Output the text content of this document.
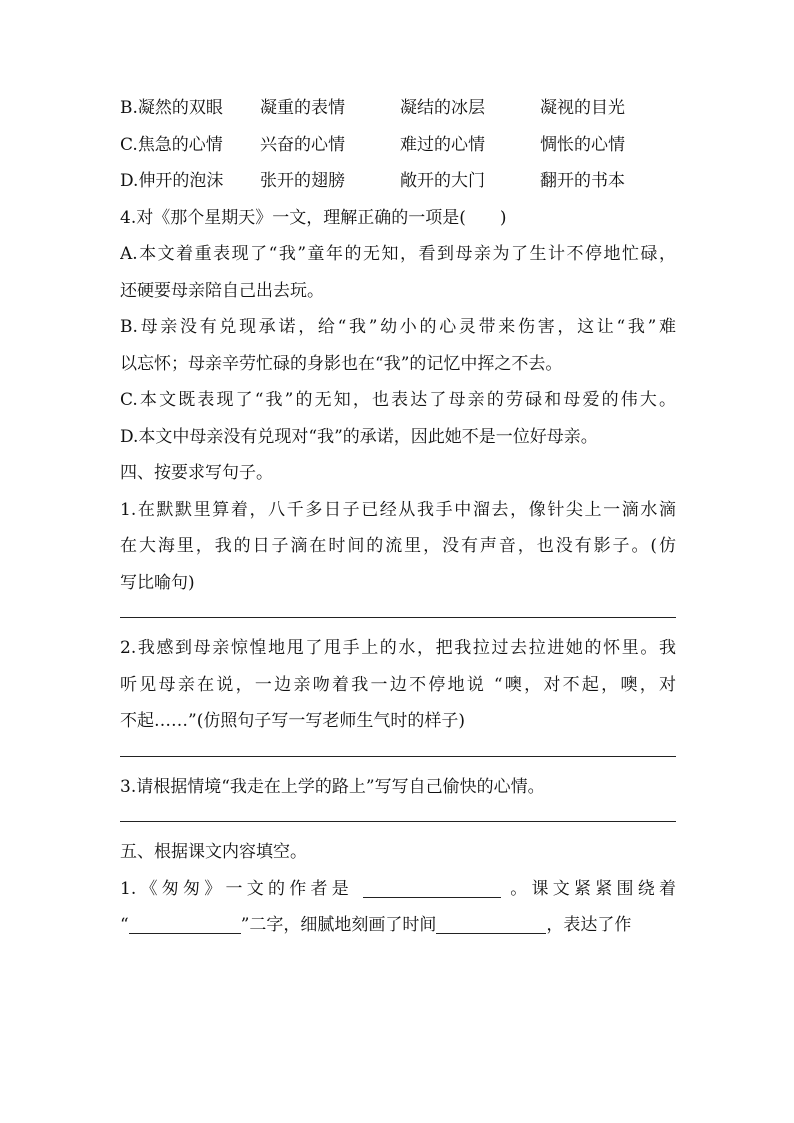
B.凝然的双眼	凝重的表情	凝结的冰层	凝视的目光
C.焦急的心情	兴奋的心情	难过的心情	惆怅的心情
D.伸开的泡沫	张开的翅膀	敞开的大门	翻开的书本
4.对《那个星期天》一文，理解正确的一项是(　　)
A.本文着重表现了“我”童年的无知，看到母亲为了生计不停地忙碌，
还硬要母亲陪自己出去玩。
B.母亲没有兑现承诺，给“我”幼小的心灵带来伤害，这让“我”难
以忘怀；母亲辛劳忙碌的身影也在“我”的记忆中挥之不去。
C.本文既表现了“我”的无知，也表达了母亲的劳碌和母爱的伟大。
D.本文中母亲没有兑现对“我”的承诺，因此她不是一位好母亲。
四、按要求写句子。
1.在默默里算着，八千多日子已经从我手中溜去，像针尖上一滴水滴
在大海里，我的日子滴在时间的流里，没有声音，也没有影子。(仿
写比喻句)
2.我感到母亲惊惶地甩了甩手上的水，把我拉过去拉进她的怀里。我
听见母亲在说，一边亲吻着我一边不停地说 “噢，对不起，噢，对
不起……”(仿照句子写一写老师生气时的样子)
3.请根据情境“我走在上学的路上”写写自己偷快的心情。
五、根据课文内容填空。
1.《匆匆》一文的作者是	。课文紧紧围绕着
“	”二字，细腻地刻画了时间	，表达了作
